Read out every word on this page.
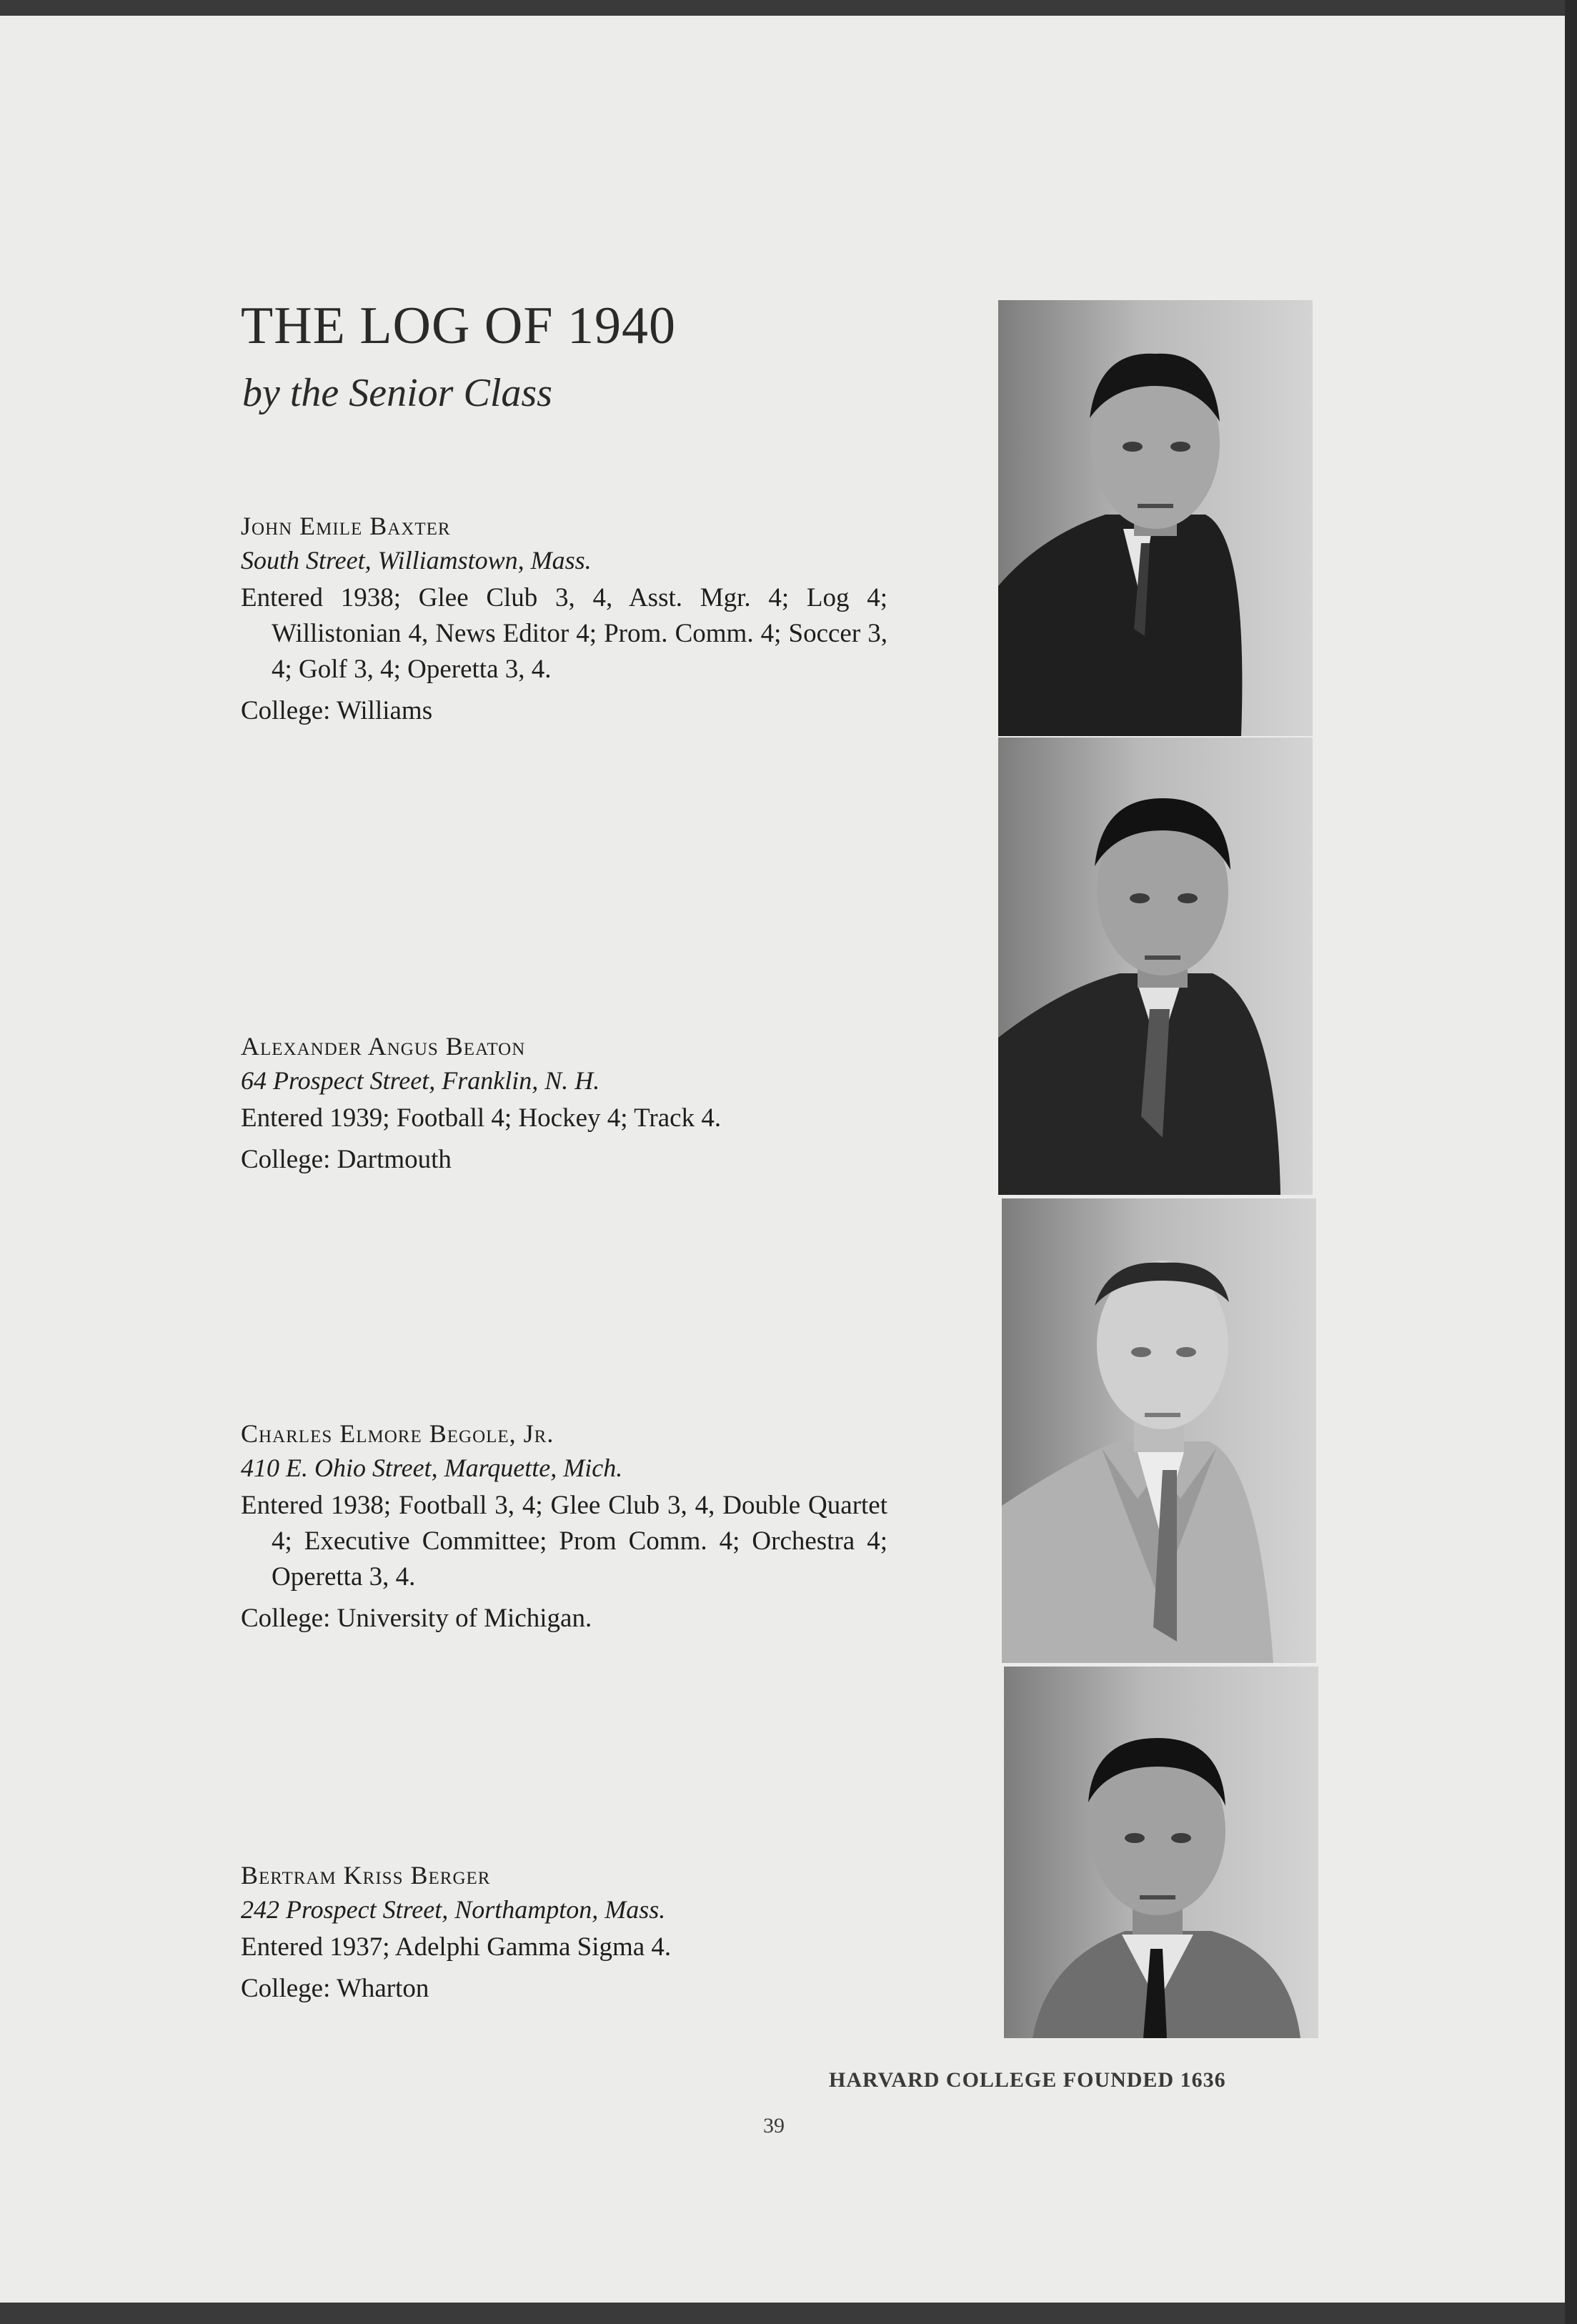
THE LOG OF 1940
by the Senior Class
John Emile Baxter
South Street, Williamstown, Mass.
Entered 1938; Glee Club 3, 4, Asst. Mgr. 4; Log 4; Willistonian 4, News Editor 4; Prom. Comm. 4; Soccer 3, 4; Golf 3, 4; Operetta 3, 4.
College: Williams
Alexander Angus Beaton
64 Prospect Street, Franklin, N. H.
Entered 1939; Football 4; Hockey 4; Track 4.
College: Dartmouth
Charles Elmore Begole, Jr.
410 E. Ohio Street, Marquette, Mich.
Entered 1938; Football 3, 4; Glee Club 3, 4, Double Quartet 4; Executive Committee; Prom Comm. 4; Orchestra 4; Operetta 3, 4.
College: University of Michigan.
Bertram Kriss Berger
242 Prospect Street, Northampton, Mass.
Entered 1937; Adelphi Gamma Sigma 4.
College: Wharton
HARVARD COLLEGE FOUNDED 1636
39
